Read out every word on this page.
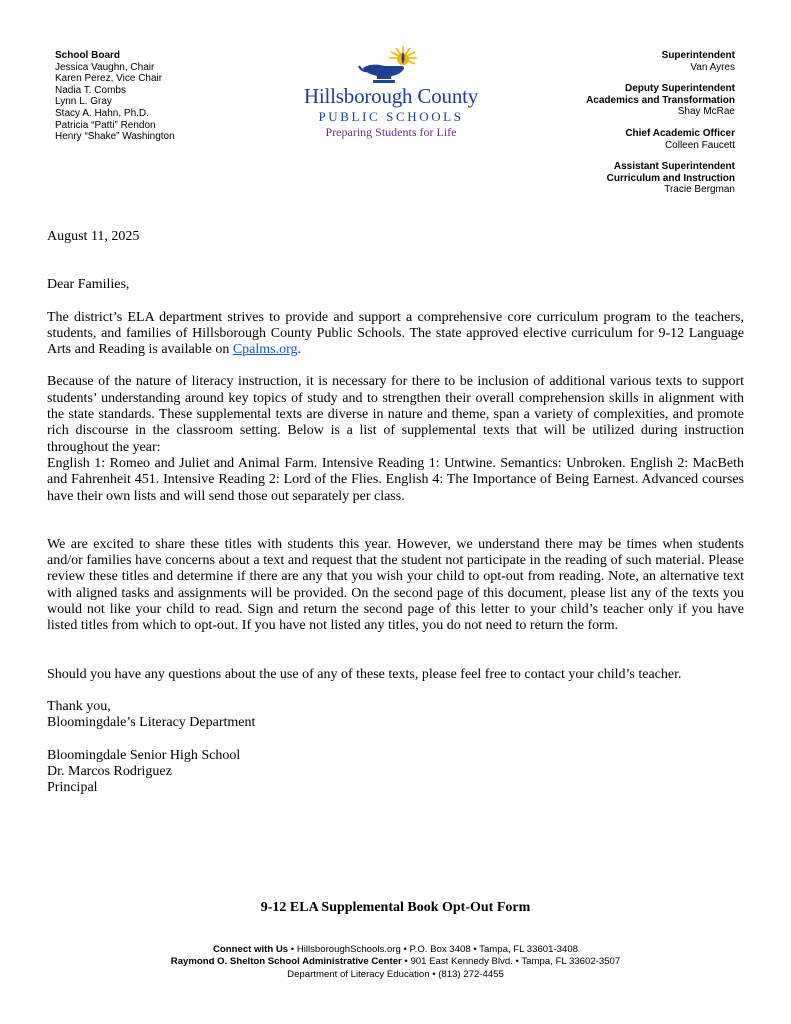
School Board
Jessica Vaughn, Chair
Karen Perez, Vice Chair
Nadia T. Combs
Lynn L. Gray
Stacy A. Hahn, Ph.D.
Patricia “Patti” Rendon
Henry “Shake” Washington
Hillsborough County
PUBLIC SCHOOLS
Preparing Students for Life
Superintendent
Van Ayres
Deputy Superintendent
Academics and Transformation
Shay McRae
Chief Academic Officer
Colleen Faucett
Assistant Superintendent
Curriculum and Instruction
Tracie Bergman

August 11, 2025

Dear Families,

The district’s ELA department strives to provide and support a comprehensive core curriculum program to the teachers, students, and families of Hillsborough County Public Schools. The state approved elective curriculum for 9-12 Language Arts and Reading is available on Cpalms.org.

Because of the nature of literacy instruction, it is necessary for there to be inclusion of additional various texts to support students’ understanding around key topics of study and to strengthen their overall comprehension skills in alignment with the state standards. These supplemental texts are diverse in nature and theme, span a variety of complexities, and promote rich discourse in the classroom setting. Below is a list of supplemental texts that will be utilized during instruction throughout the year:

English 1: Romeo and Juliet and Animal Farm. Intensive Reading 1: Untwine. Semantics: Unbroken. English 2: MacBeth and Fahrenheit 451. Intensive Reading 2: Lord of the Flies. English 4: The Importance of Being Earnest. Advanced courses have their own lists and will send those out separately per class.

We are excited to share these titles with students this year. However, we understand there may be times when students and/or families have concerns about a text and request that the student not participate in the reading of such material. Please review these titles and determine if there are any that you wish your child to opt-out from reading. Note, an alternative text with aligned tasks and assignments will be provided. On the second page of this document, please list any of the texts you would not like your child to read. Sign and return the second page of this letter to your child’s teacher only if you have listed titles from which to opt-out. If you have not listed any titles, you do not need to return the form.

Should you have any questions about the use of any of these texts, please feel free to contact your child’s teacher.

Thank you,

Bloomingdale’s Literacy Department

Bloomingdale Senior High School

Dr. Marcos Rodriguez

Principal

9-12 ELA Supplemental Book Opt-Out Form
Connect with Us • HillsboroughSchools.org • P.O. Box 3408 • Tampa, FL 33601-3408
Raymond O. Shelton School Administrative Center • 901 East Kennedy Blvd. • Tampa, FL 33602-3507
Department of Literacy Education • (813) 272-4455
